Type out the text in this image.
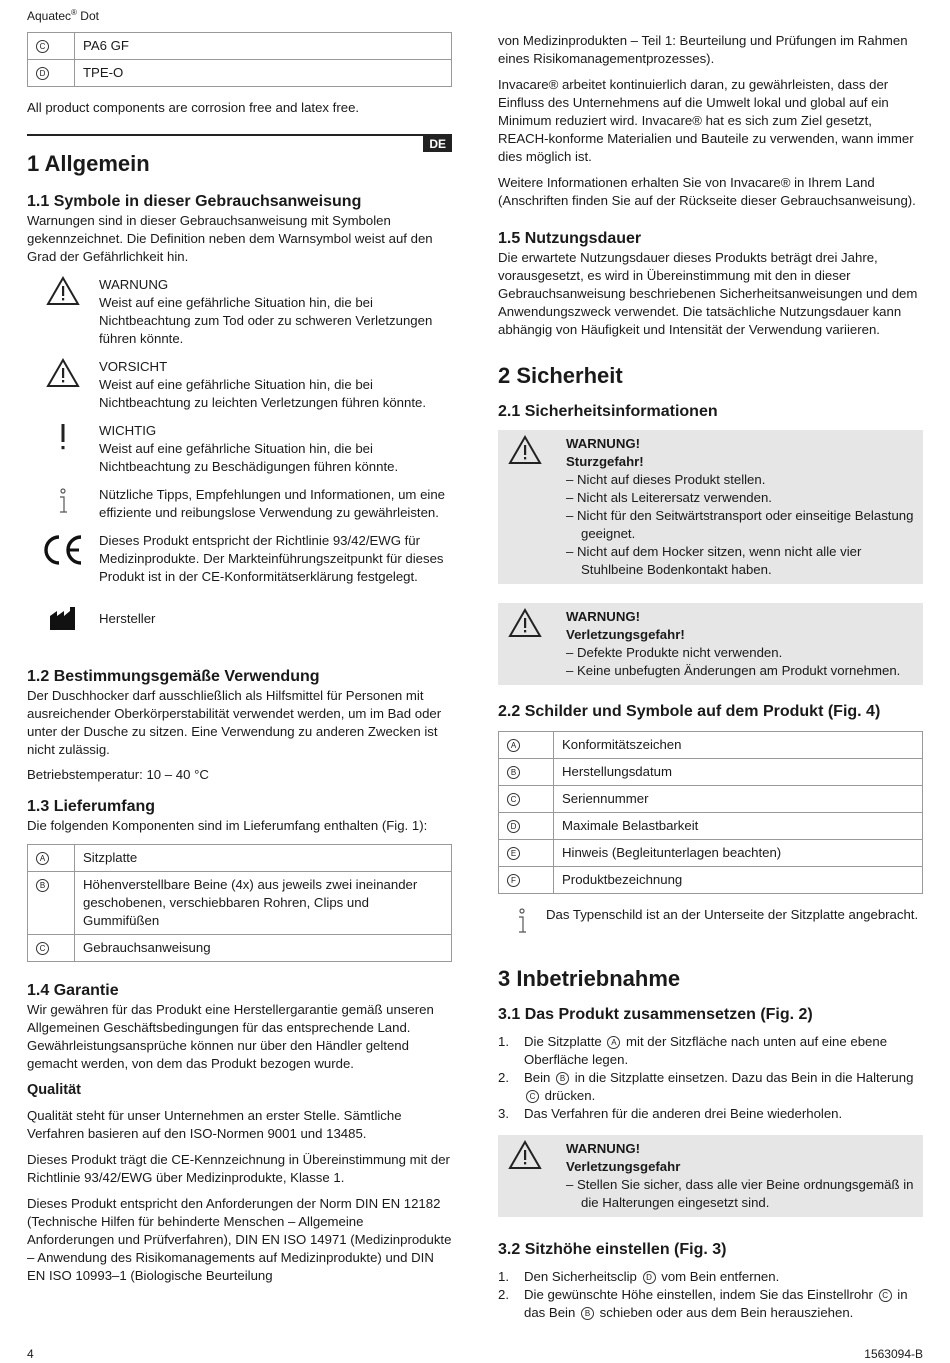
Aquatec® Dot
C	PA6 GF
D	TPE-O

All product components are corrosion free and latex free.

DE
1 Allgemein
1.1 Symbole in dieser Gebrauchsanweisung

Warnungen sind in dieser Gebrauchsanweisung mit Symbolen gekennzeichnet. Die Definition neben dem Warnsymbol weist auf den Grad der Gefährlichkeit hin.

WARNUNG

Weist auf eine gefährliche Situation hin, die bei Nichtbeachtung zum Tod oder zu schweren Verletzungen führen könnte.

VORSICHT

Weist auf eine gefährliche Situation hin, die bei Nichtbeachtung zu leichten Verletzungen führen könnte.

WICHTIG

Weist auf eine gefährliche Situation hin, die bei Nichtbeachtung zu Beschädigungen führen könnte.

Nützliche Tipps, Empfehlungen und Informationen, um eine effiziente und reibungslose Verwendung zu gewährleisten.

Dieses Produkt entspricht der Richtlinie 93/42/EWG für Medizinprodukte. Der Markteinführungszeitpunkt für dieses Produkt ist in der CE-Konformitätserklärung festgelegt.

Hersteller

1.2 Bestimmungsgemäße Verwendung

Der Duschhocker darf ausschließlich als Hilfsmittel für Personen mit ausreichender Oberkörperstabilität verwendet werden, um im Bad oder unter der Dusche zu sitzen. Eine Verwendung zu anderen Zwecken ist nicht zulässig.

Betriebstemperatur: 10 – 40 °C

1.3 Lieferumfang

Die folgenden Komponenten sind im Lieferumfang enthalten (Fig. 1):

A	Sitzplatte
B	Höhenverstellbare Beine (4x) aus jeweils zwei ineinander geschobenen, verschiebbaren Rohren, Clips und Gummifüßen
C	Gebrauchsanweisung
1.4 Garantie

Wir gewähren für das Produkt eine Herstellergarantie gemäß unseren Allgemeinen Geschäftsbedingungen für das entsprechende Land. Gewährleistungsansprüche können nur über den Händler geltend gemacht werden, von dem das Produkt bezogen wurde.

Qualität

Qualität steht für unser Unternehmen an erster Stelle. Sämtliche Verfahren basieren auf den ISO-Normen 9001 und 13485.

Dieses Produkt trägt die CE-Kennzeichnung in Übereinstimmung mit der Richtlinie 93/42/EWG über Medizinprodukte, Klasse 1.

Dieses Produkt entspricht den Anforderungen der Norm DIN EN 12182 (Technische Hilfen für behinderte Menschen – Allgemeine Anforderungen und Prüfverfahren), DIN EN ISO 14971 (Medizinprodukte – Anwendung des Risikomanagements auf Medizinprodukte) und DIN EN ISO 10993–1 (Biologische Beurteilung

von Medizinprodukten – Teil 1: Beurteilung und Prüfungen im Rahmen eines Risikomanagementprozesses).

Invacare® arbeitet kontinuierlich daran, zu gewährleisten, dass der Einfluss des Unternehmens auf die Umwelt lokal und global auf ein Minimum reduziert wird. Invacare® hat es sich zum Ziel gesetzt, REACH-konforme Materialien und Bauteile zu verwenden, wann immer dies möglich ist.

Weitere Informationen erhalten Sie von Invacare® in Ihrem Land (Anschriften finden Sie auf der Rückseite dieser Gebrauchsanweisung).

1.5 Nutzungsdauer

Die erwartete Nutzungsdauer dieses Produkts beträgt drei Jahre, vorausgesetzt, es wird in Übereinstimmung mit den in dieser Gebrauchsanweisung beschriebenen Sicherheitsanweisungen und dem Anwendungszweck verwendet. Die tatsächliche Nutzungsdauer kann abhängig von Häufigkeit und Intensität der Verwendung variieren.

2 Sicherheit
2.1 Sicherheitsinformationen

WARNUNG!

Sturzgefahr!

– Nicht auf dieses Produkt stellen.
– Nicht als Leiterersatz verwenden.
– Nicht für den Seitwärtstransport oder einseitige Belastung geeignet.
– Nicht auf dem Hocker sitzen, wenn nicht alle vier Stuhlbeine Bodenkontakt haben.

WARNUNG!

Verletzungsgefahr!

– Defekte Produkte nicht verwenden.
– Keine unbefugten Änderungen am Produkt vornehmen.
2.2 Schilder und Symbole auf dem Produkt (Fig. 4)
A	Konformitätszeichen
B	Herstellungsdatum
C	Seriennummer
D	Maximale Belastbarkeit
E	Hinweis (Begleitunterlagen beachten)
F	Produktbezeichnung

Das Typenschild ist an der Unterseite der Sitzplatte angebracht.

3 Inbetriebnahme
3.1 Das Produkt zusammensetzen (Fig. 2)
1.	Die Sitzplatte A mit der Sitzfläche nach unten auf eine ebene Oberfläche legen.
2.	Bein B in die Sitzplatte einsetzen. Dazu das Bein in die Halterung C drücken.
3.	Das Verfahren für die anderen drei Beine wiederholen.

WARNUNG!

Verletzungsgefahr

– Stellen Sie sicher, dass alle vier Beine ordnungsgemäß in die Halterungen eingesetzt sind.
3.2 Sitzhöhe einstellen (Fig. 3)
1.	Den Sicherheitsclip D vom Bein entfernen.
2.	Die gewünschte Höhe einstellen, indem Sie das Einstellrohr C in das Bein B schieben oder aus dem Bein herausziehen.
4	1563094-B
